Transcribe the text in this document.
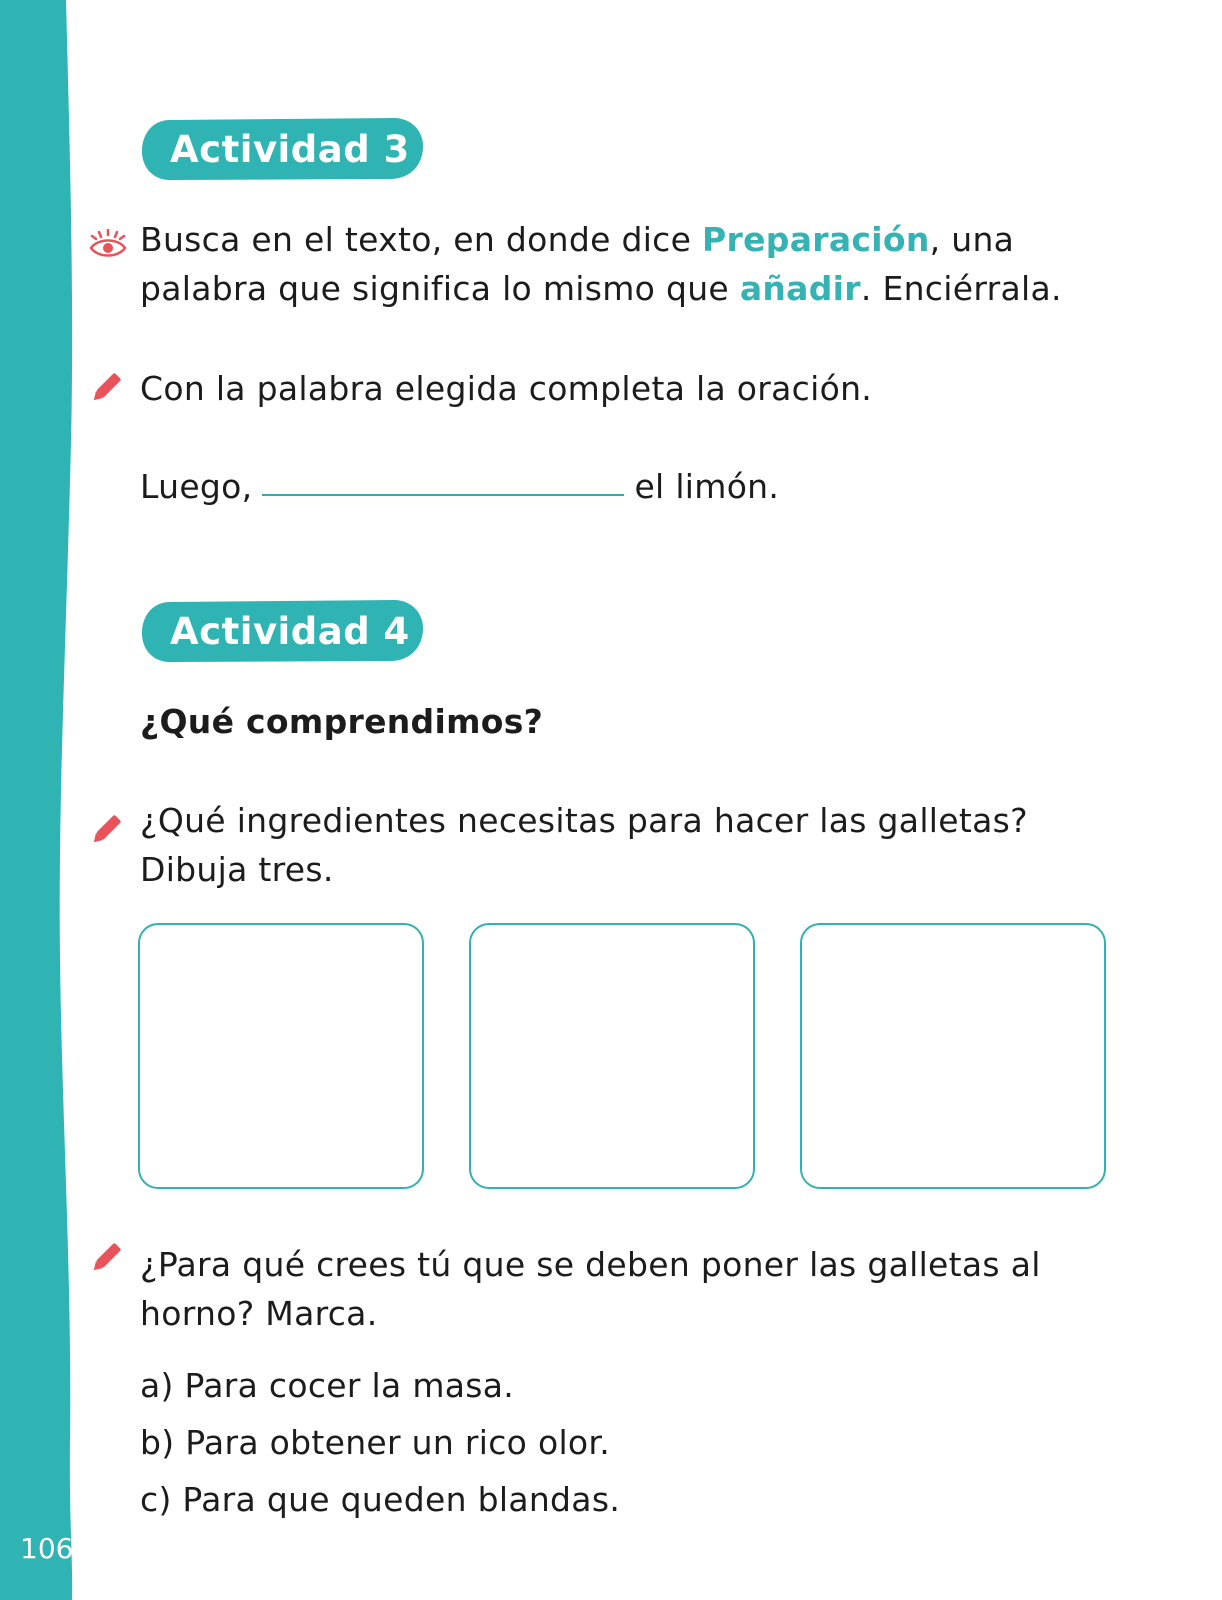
106
Actividad 3
Busca en el texto, en donde dice Preparación, una
palabra que significa lo mismo que añadir. Enciérrala.
Con la palabra elegida completa la oración.
Luego,	el limón.
Actividad 4
¿Qué comprendimos?
¿Qué ingredientes necesitas para hacer las galletas?
Dibuja tres.
¿Para qué crees tú que se deben poner las galletas al
horno? Marca.
a) Para cocer la masa.
b) Para obtener un rico olor.
c) Para que queden blandas.
